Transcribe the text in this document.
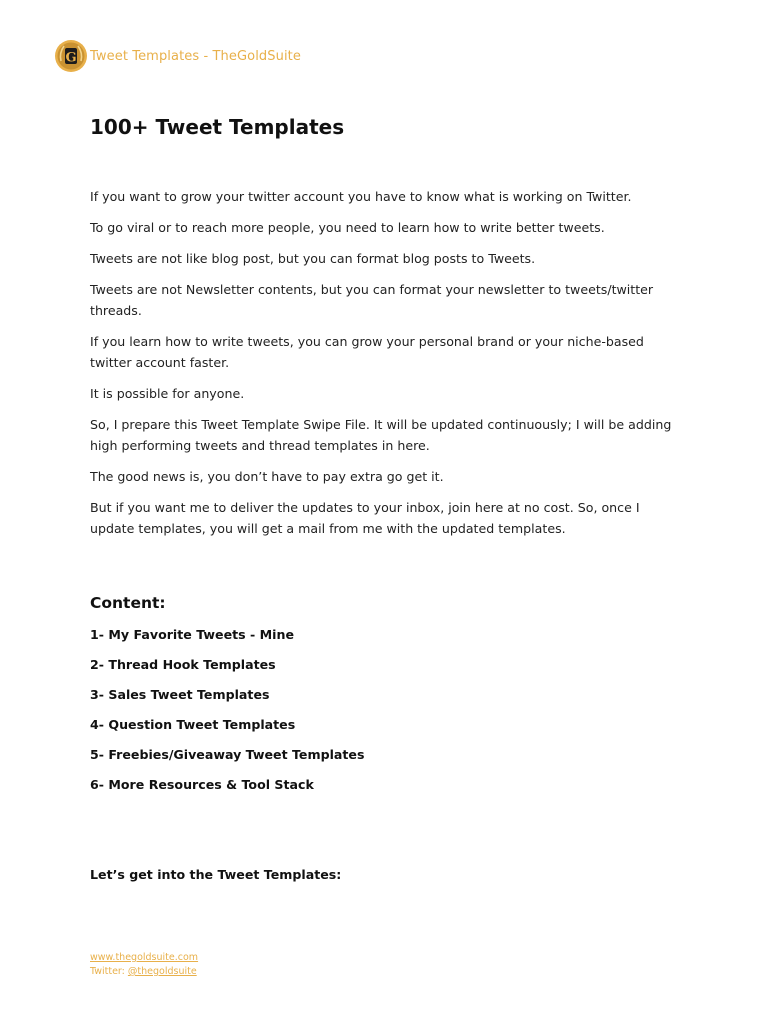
G Tweet Templates - TheGoldSuite
100+ Tweet Templates

If you want to grow your twitter account you have to know what is working on Twitter.

To go viral or to reach more people, you need to learn how to write better tweets.

Tweets are not like blog post, but you can format blog posts to Tweets.

Tweets are not Newsletter contents, but you can format your newsletter to tweets/twitter threads.

If you learn how to write tweets, you can grow your personal brand or your niche-based twitter account faster.

It is possible for anyone.

So, I prepare this Tweet Template Swipe File. It will be updated continuously; I will be adding high performing tweets and thread templates in here.

The good news is, you don’t have to pay extra go get it.

But if you want me to deliver the updates to your inbox, join here at no cost. So, once I update templates, you will get a mail from me with the updated templates.

Content:
1- My Favorite Tweets - Mine
2- Thread Hook Templates
3- Sales Tweet Templates
4- Question Tweet Templates
5- Freebies/Giveaway Tweet Templates
6- More Resources & Tool Stack

Let’s get into the Tweet Templates:

www.thegoldsuite.com
Twitter: @thegoldsuite
